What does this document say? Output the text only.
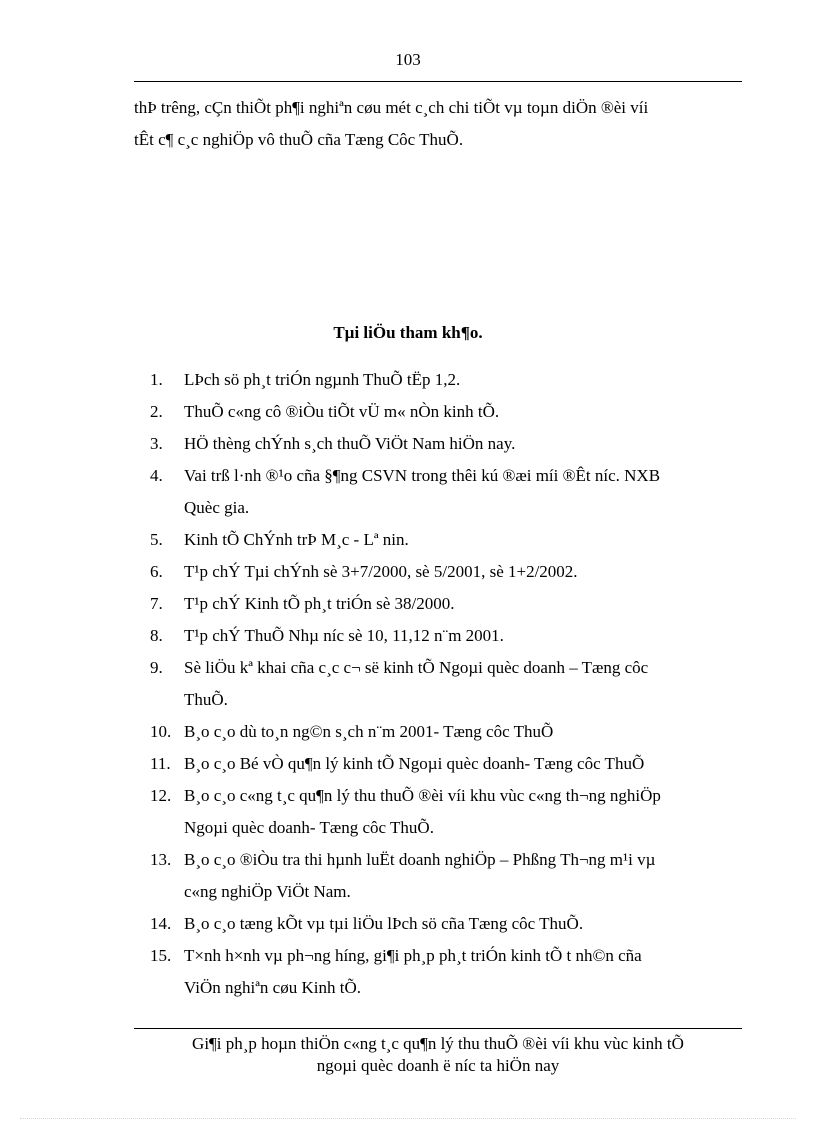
103

thÞ trêng, cÇn thiÕt ph¶i nghiªn cøu mét c¸ch chi tiÕt vµ toµn diÖn ®èi víi

tÊt c¶ c¸c nghiÖp vô thuÕ cña Tæng Côc ThuÕ.

Tµi liÖu tham kh¶o.
1.	LÞch sö ph¸t triÓn ngµnh ThuÕ tËp 1,2.
2.	ThuÕ c«ng cô ®iÒu tiÕt vÜ m« nÒn kinh tÕ.
3.	HÖ thèng chÝnh s¸ch thuÕ ViÖt Nam hiÖn nay.
4.	Vai trß l·nh ®¹o cña §¶ng CSVN trong thêi kú ®æi míi ®Êt níc. NXB
Quèc gia.
5.	Kinh tÕ ChÝnh trÞ M¸c - Lª nin.
6.	T¹p chÝ Tµi chÝnh sè 3+7/2000, sè 5/2001, sè 1+2/2002.
7.	T¹p chÝ Kinh tÕ ph¸t triÓn sè 38/2000.
8.	T¹p chÝ ThuÕ Nhµ níc sè 10, 11,12 n¨m 2001.
9.	Sè liÖu kª khai cña c¸c c¬ së kinh tÕ Ngoµi quèc doanh – Tæng côc
ThuÕ.
10. B¸o c¸o dù to¸n ng©n s¸ch n¨m 2001- Tæng côc ThuÕ
11. B¸o c¸o Bé vÒ qu¶n lý kinh tÕ Ngoµi quèc doanh- Tæng côc ThuÕ
12. B¸o c¸o c«ng t¸c qu¶n lý thu thuÕ ®èi víi khu vùc c«ng th¬ng nghiÖp
Ngoµi quèc doanh- Tæng côc ThuÕ.
13. B¸o c¸o ®iÒu tra thi hµnh luËt doanh nghiÖp – Phßng Th¬ng m¹i vµ
c«ng nghiÖp ViÖt Nam.
14. B¸o c¸o tæng kÕt vµ tµi liÖu lÞch sö cña Tæng côc ThuÕ.
15. T×nh h×nh vµ ph¬ng híng, gi¶i ph¸p ph¸t triÓn kinh tÕ t nh©n cña
ViÖn nghiªn cøu Kinh tÕ.
Gi¶i ph¸p hoµn thiÖn c«ng t¸c qu¶n lý thu thuÕ ®èi víi khu vùc kinh tÕ
ngoµi quèc doanh ë níc ta hiÖn nay
